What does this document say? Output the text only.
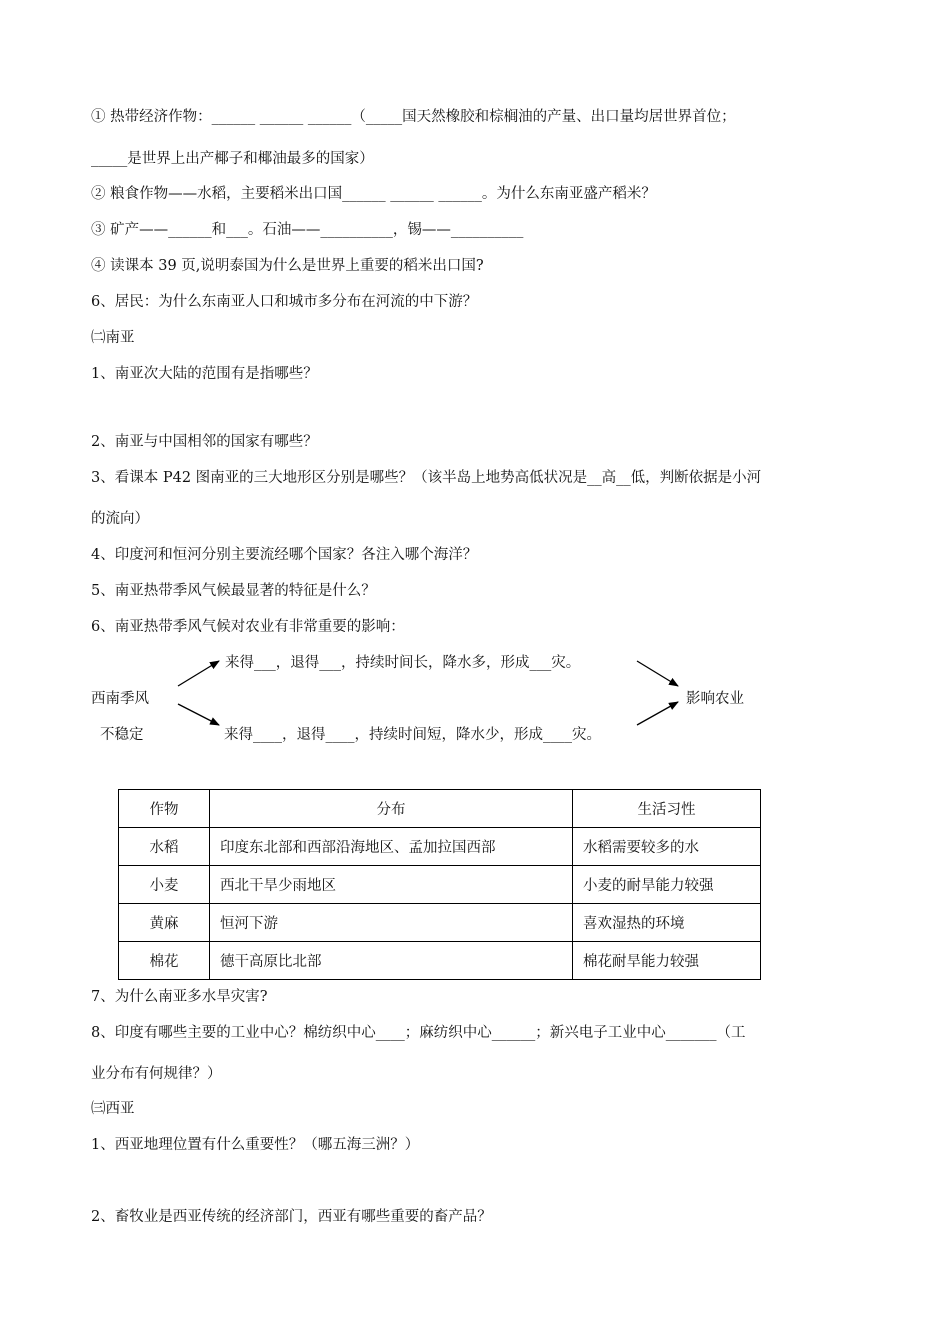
① 热带经济作物：______ ______ ______（_____国天然橡胶和棕榈油的产量、出口量均居世界首位；
_____是世界上出产椰子和椰油最多的国家）
② 粮食作物——水稻，主要稻米出口国______ ______ ______。为什么东南亚盛产稻米？
③ 矿产——______和___。石油——__________，锡——__________
④ 读课本 39 页,说明泰国为什么是世界上重要的稻米出口国?
6、居民：为什么东南亚人口和城市多分布在河流的中下游？
㈡南亚
1、南亚次大陆的范围有是指哪些？
2、南亚与中国相邻的国家有哪些？
3、看课本 P42 图南亚的三大地形区分别是哪些？（该半岛上地势高低状况是__高__低，判断依据是小河
的流向）
4、印度河和恒河分别主要流经哪个国家？各注入哪个海洋？
5、南亚热带季风气候最显著的特征是什么？
6、南亚热带季风气候对农业有非常重要的影响：
来得___，退得___，持续时间长，降水多，形成___灾。
西南季风
不稳定	来得____，退得____，持续时间短，降水少，形成____灾。
影响农业
作物	分布	生活习性
水稻	印度东北部和西部沿海地区、孟加拉国西部	水稻需要较多的水
小麦	西北干旱少雨地区	小麦的耐旱能力较强
黄麻	恒河下游	喜欢湿热的环境
棉花	德干高原比北部	棉花耐旱能力较强
7、为什么南亚多水旱灾害?
8、印度有哪些主要的工业中心？棉纺织中心____；麻纺织中心______；新兴电子工业中心_______（工
业分布有何规律？）
㈢西亚
1、西亚地理位置有什么重要性？（哪五海三洲？）
2、畜牧业是西亚传统的经济部门，西亚有哪些重要的畜产品？
